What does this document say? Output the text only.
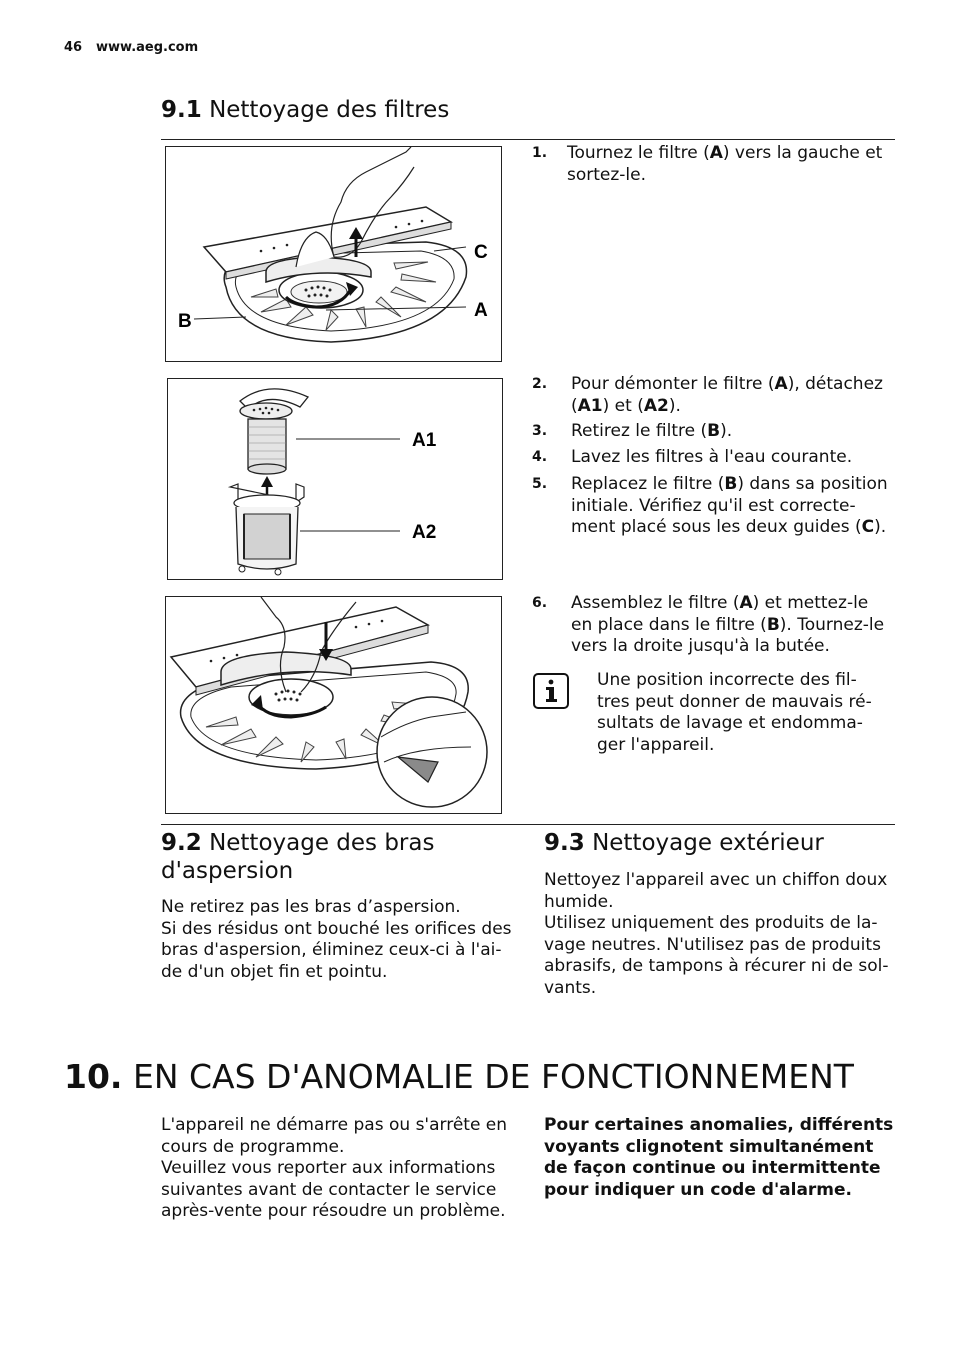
46 www.aeg.com
9.1 Nettoyage des filtres
C
A
B
1.	Tournez le filtre (A) vers la gauche et sortez-le.
A1
A2
2.	Pour démonter le filtre (A), détachez (A1) et (A2).
3.	Retirez le filtre (B).
4.	Lavez les filtres à l'eau courante.
5.	Replacez le filtre (B) dans sa position initiale. Vérifiez qu'il est correcte-ment placé sous les deux guides (C).
6.	Assemblez le filtre (A) et mettez-le en place dans le filtre (B). Tournez-le vers la droite jusqu'à la butée.
Une position incorrecte des fil-tres peut donner de mauvais ré-sultats de lavage et endomma-ger l'appareil.
9.2 Nettoyage des bras
d'aspersion
Ne retirez pas les bras d’aspersion.
Si des résidus ont bouché les orifices des bras d'aspersion, éliminez ceux-ci à l'ai-de d'un objet fin et pointu.
9.3 Nettoyage extérieur
Nettoyez l'appareil avec un chiffon doux humide.
Utilisez uniquement des produits de la-vage neutres. N'utilisez pas de produits abrasifs, de tampons à récurer ni de sol-vants.
10. EN CAS D'ANOMALIE DE FONCTIONNEMENT
L'appareil ne démarre pas ou s'arrête en cours de programme.
Veuillez vous reporter aux informations suivantes avant de contacter le service après-vente pour résoudre un problème.
Pour certaines anomalies, différents voyants clignotent simultanément de façon continue ou intermittente pour indiquer un code d'alarme.
